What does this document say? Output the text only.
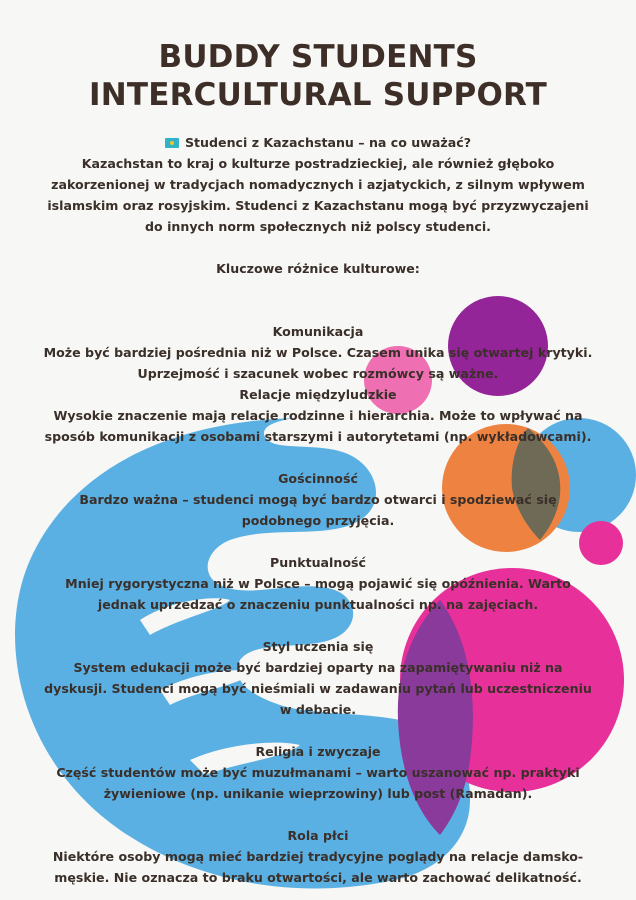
BUDDY STUDENTS
INTERCULTURAL SUPPORT

Studenci z Kazachstanu – na co uważać?

Kazachstan to kraj o kulturze postradzieckiej, ale również głęboko zakorzenionej w tradycjach nomadycznych i azjatyckich, z silnym wpływem islamskim oraz rosyjskim. Studenci z Kazachstanu mogą być przyzwyczajeni do innych norm społecznych niż polscy studenci.

Kluczowe różnice kulturowe:

Komunikacja

Może być bardziej pośrednia niż w Polsce. Czasem unika się otwartej krytyki. Uprzejmość i szacunek wobec rozmówcy są ważne.

Relacje międzyludzkie

Wysokie znaczenie mają relacje rodzinne i hierarchia. Może to wpływać na sposób komunikacji z osobami starszymi i autorytetami (np. wykładowcami).

Gościnność

Bardzo ważna – studenci mogą być bardzo otwarci i spodziewać się podobnego przyjęcia.

Punktualność

Mniej rygorystyczna niż w Polsce – mogą pojawić się opóźnienia. Warto jednak uprzedzać o znaczeniu punktualności np. na zajęciach.

Styl uczenia się

System edukacji może być bardziej oparty na zapamiętywaniu niż na dyskusji. Studenci mogą być nieśmiali w zadawaniu pytań lub uczestniczeniu w debacie.

Religia i zwyczaje

Część studentów może być muzułmanami – warto uszanować np. praktyki żywieniowe (np. unikanie wieprzowiny) lub post (Ramadan).

Rola płci

Niektóre osoby mogą mieć bardziej tradycyjne poglądy na relacje damsko-męskie. Nie oznacza to braku otwartości, ale warto zachować delikatność.
